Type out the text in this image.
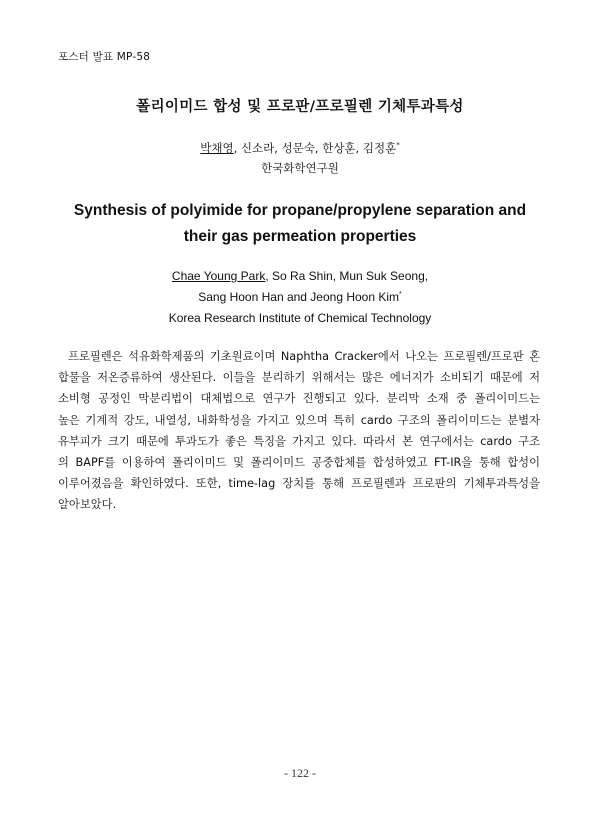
포스터 발표 MP-58
폴리이미드 합성 및 프로판/프로필렌 기체투과특성
박채영, 신소라, 성문숙, 한상훈, 김정훈*
한국화학연구원
Synthesis of polyimide for propane/propylene separation and
their gas permeation properties
Chae Young Park, So Ra Shin, Mun Suk Seong,
Sang Hoon Han and Jeong Hoon Kim*
Korea Research Institute of Chemical Technology
프로필렌은 석유화학제품의 기초원료이며 Naphtha Cracker에서 나오는 프로필렌/프로판 혼
합물을 저온증류하여 생산된다. 이들을 분리하기 위해서는 많은 에너지가 소비되기 때문에 저
소비형 공정인 막분리법이 대체법으로 연구가 진행되고 있다. 분리막 소재 중 폴리이미드는
높은 기계적 강도, 내열성, 내화학성을 가지고 있으며 특히 cardo 구조의 폴리이미드는 분별자
유부피가 크기 때문에 투과도가 좋은 특징을 가지고 있다. 따라서 본 연구에서는 cardo 구조
의 BAPF를 이용하여 폴리이미드 및 폴리이미드 공중합체를 합성하였고 FT-IR을 통해 합성이
이루어졌음을 확인하였다. 또한, time-lag 장치를 통해 프로필렌과 프로판의 기체투과특성을
알아보았다.
- 122 -
